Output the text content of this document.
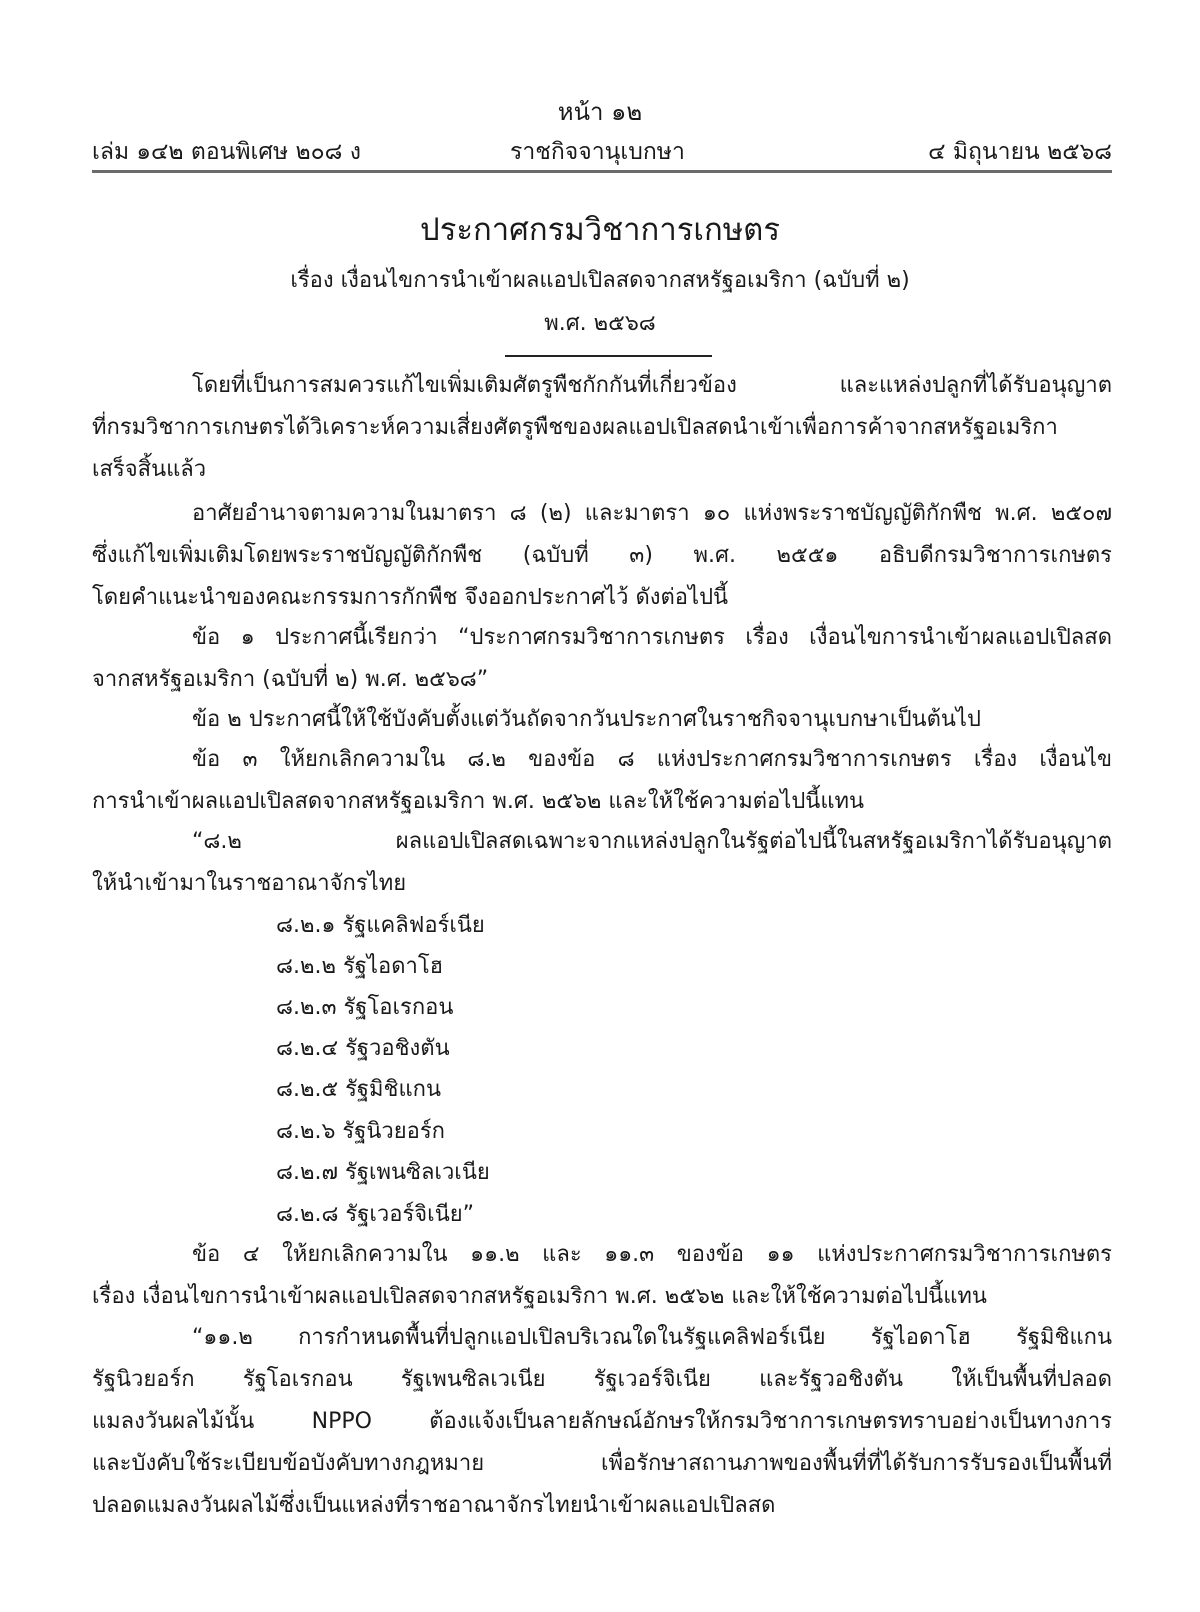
หน้า ๑๒
เล่ม ๑๔๒ ตอนพิเศษ ๒๐๘ ง	ราชกิจจานุเบกษา	๔ มิถุนายน ๒๕๖๘
ประกาศกรมวิชาการเกษตร
เรื่อง เงื่อนไขการนำเข้าผลแอปเปิลสดจากสหรัฐอเมริกา (ฉบับที่ ๒)
พ.ศ. ๒๕๖๘
โดยที่เป็นการสมควรแก้ไขเพิ่มเติมศัตรูพืชกักกันที่เกี่ยวข้อง และแหล่งปลูกที่ได้รับอนุญาต
ที่กรมวิชาการเกษตรได้วิเคราะห์ความเสี่ยงศัตรูพืชของผลแอปเปิลสดนำเข้าเพื่อการค้าจากสหรัฐอเมริกา
เสร็จสิ้นแล้ว
อาศัยอำนาจตามความในมาตรา ๘ (๒) และมาตรา ๑๐ แห่งพระราชบัญญัติกักพืช พ.ศ. ๒๕๐๗
ซึ่งแก้ไขเพิ่มเติมโดยพระราชบัญญัติกักพืช (ฉบับที่ ๓) พ.ศ. ๒๕๕๑ อธิบดีกรมวิชาการเกษตร
โดยคำแนะนำของคณะกรรมการกักพืช จึงออกประกาศไว้ ดังต่อไปนี้
ข้อ ๑ ประกาศนี้เรียกว่า “ประกาศกรมวิชาการเกษตร เรื่อง เงื่อนไขการนำเข้าผลแอปเปิลสด
จากสหรัฐอเมริกา (ฉบับที่ ๒) พ.ศ. ๒๕๖๘”
ข้อ ๒ ประกาศนี้ให้ใช้บังคับตั้งแต่วันถัดจากวันประกาศในราชกิจจานุเบกษาเป็นต้นไป
ข้อ ๓ ให้ยกเลิกความใน ๘.๒ ของข้อ ๘ แห่งประกาศกรมวิชาการเกษตร เรื่อง เงื่อนไข
การนำเข้าผลแอปเปิลสดจากสหรัฐอเมริกา พ.ศ. ๒๕๖๒ และให้ใช้ความต่อไปนี้แทน
“๘.๒ ผลแอปเปิลสดเฉพาะจากแหล่งปลูกในรัฐต่อไปนี้ในสหรัฐอเมริกาได้รับอนุญาต
ให้นำเข้ามาในราชอาณาจักรไทย
๘.๒.๑ รัฐแคลิฟอร์เนีย
๘.๒.๒ รัฐไอดาโฮ
๘.๒.๓ รัฐโอเรกอน
๘.๒.๔ รัฐวอชิงตัน
๘.๒.๕ รัฐมิชิแกน
๘.๒.๖ รัฐนิวยอร์ก
๘.๒.๗ รัฐเพนซิลเวเนีย
๘.๒.๘ รัฐเวอร์จิเนีย”
ข้อ ๔ ให้ยกเลิกความใน ๑๑.๒ และ ๑๑.๓ ของข้อ ๑๑ แห่งประกาศกรมวิชาการเกษตร
เรื่อง เงื่อนไขการนำเข้าผลแอปเปิลสดจากสหรัฐอเมริกา พ.ศ. ๒๕๖๒ และให้ใช้ความต่อไปนี้แทน
“๑๑.๒ การกำหนดพื้นที่ปลูกแอปเปิลบริเวณใดในรัฐแคลิฟอร์เนีย รัฐไอดาโฮ รัฐมิชิแกน
รัฐนิวยอร์ก รัฐโอเรกอน รัฐเพนซิลเวเนีย รัฐเวอร์จิเนีย และรัฐวอชิงตัน ให้เป็นพื้นที่ปลอด
แมลงวันผลไม้นั้น NPPO ต้องแจ้งเป็นลายลักษณ์อักษรให้กรมวิชาการเกษตรทราบอย่างเป็นทางการ
และบังคับใช้ระเบียบข้อบังคับทางกฎหมาย เพื่อรักษาสถานภาพของพื้นที่ที่ได้รับการรับรองเป็นพื้นที่
ปลอดแมลงวันผลไม้ซึ่งเป็นแหล่งที่ราชอาณาจักรไทยนำเข้าผลแอปเปิลสด
